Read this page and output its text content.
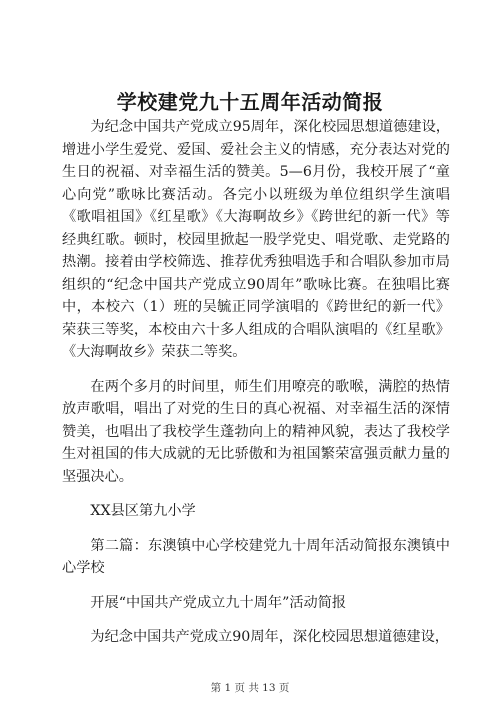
学校建党九十五周年活动简报

为纪念中国共产党成立95周年，深化校园思想道德建设，增进小学生爱党、爱国、爱社会主义的情感，充分表达对党的生日的祝福、对幸福生活的赞美。5—6月份，我校开展了“童心向党”歌咏比赛活动。各完小以班级为单位组织学生演唱《歌唱祖国》《红星歌》《大海啊故乡》《跨世纪的新一代》等经典红歌。顿时，校园里掀起一股学党史、唱党歌、走党路的热潮。接着由学校筛选、推荐优秀独唱选手和合唱队参加市局组织的“纪念中国共产党成立90周年”歌咏比赛。在独唱比赛中，本校六（1）班的吴毓正同学演唱的《跨世纪的新一代》荣获三等奖，本校由六十多人组成的合唱队演唱的《红星歌》《大海啊故乡》荣获二等奖。

在两个多月的时间里，师生们用嘹亮的歌喉，满腔的热情放声歌唱，唱出了对党的生日的真心祝福、对幸福生活的深情赞美，也唱出了我校学生蓬勃向上的精神风貌，表达了我校学生对祖国的伟大成就的无比骄傲和为祖国繁荣富强贡献力量的坚强决心。

XX县区第九小学

第二篇：东澳镇中心学校建党九十周年活动简报东澳镇中心学校

开展“中国共产党成立九十周年”活动简报

为纪念中国共产党成立90周年，深化校园思想道德建设，

第 1 页 共 13 页
